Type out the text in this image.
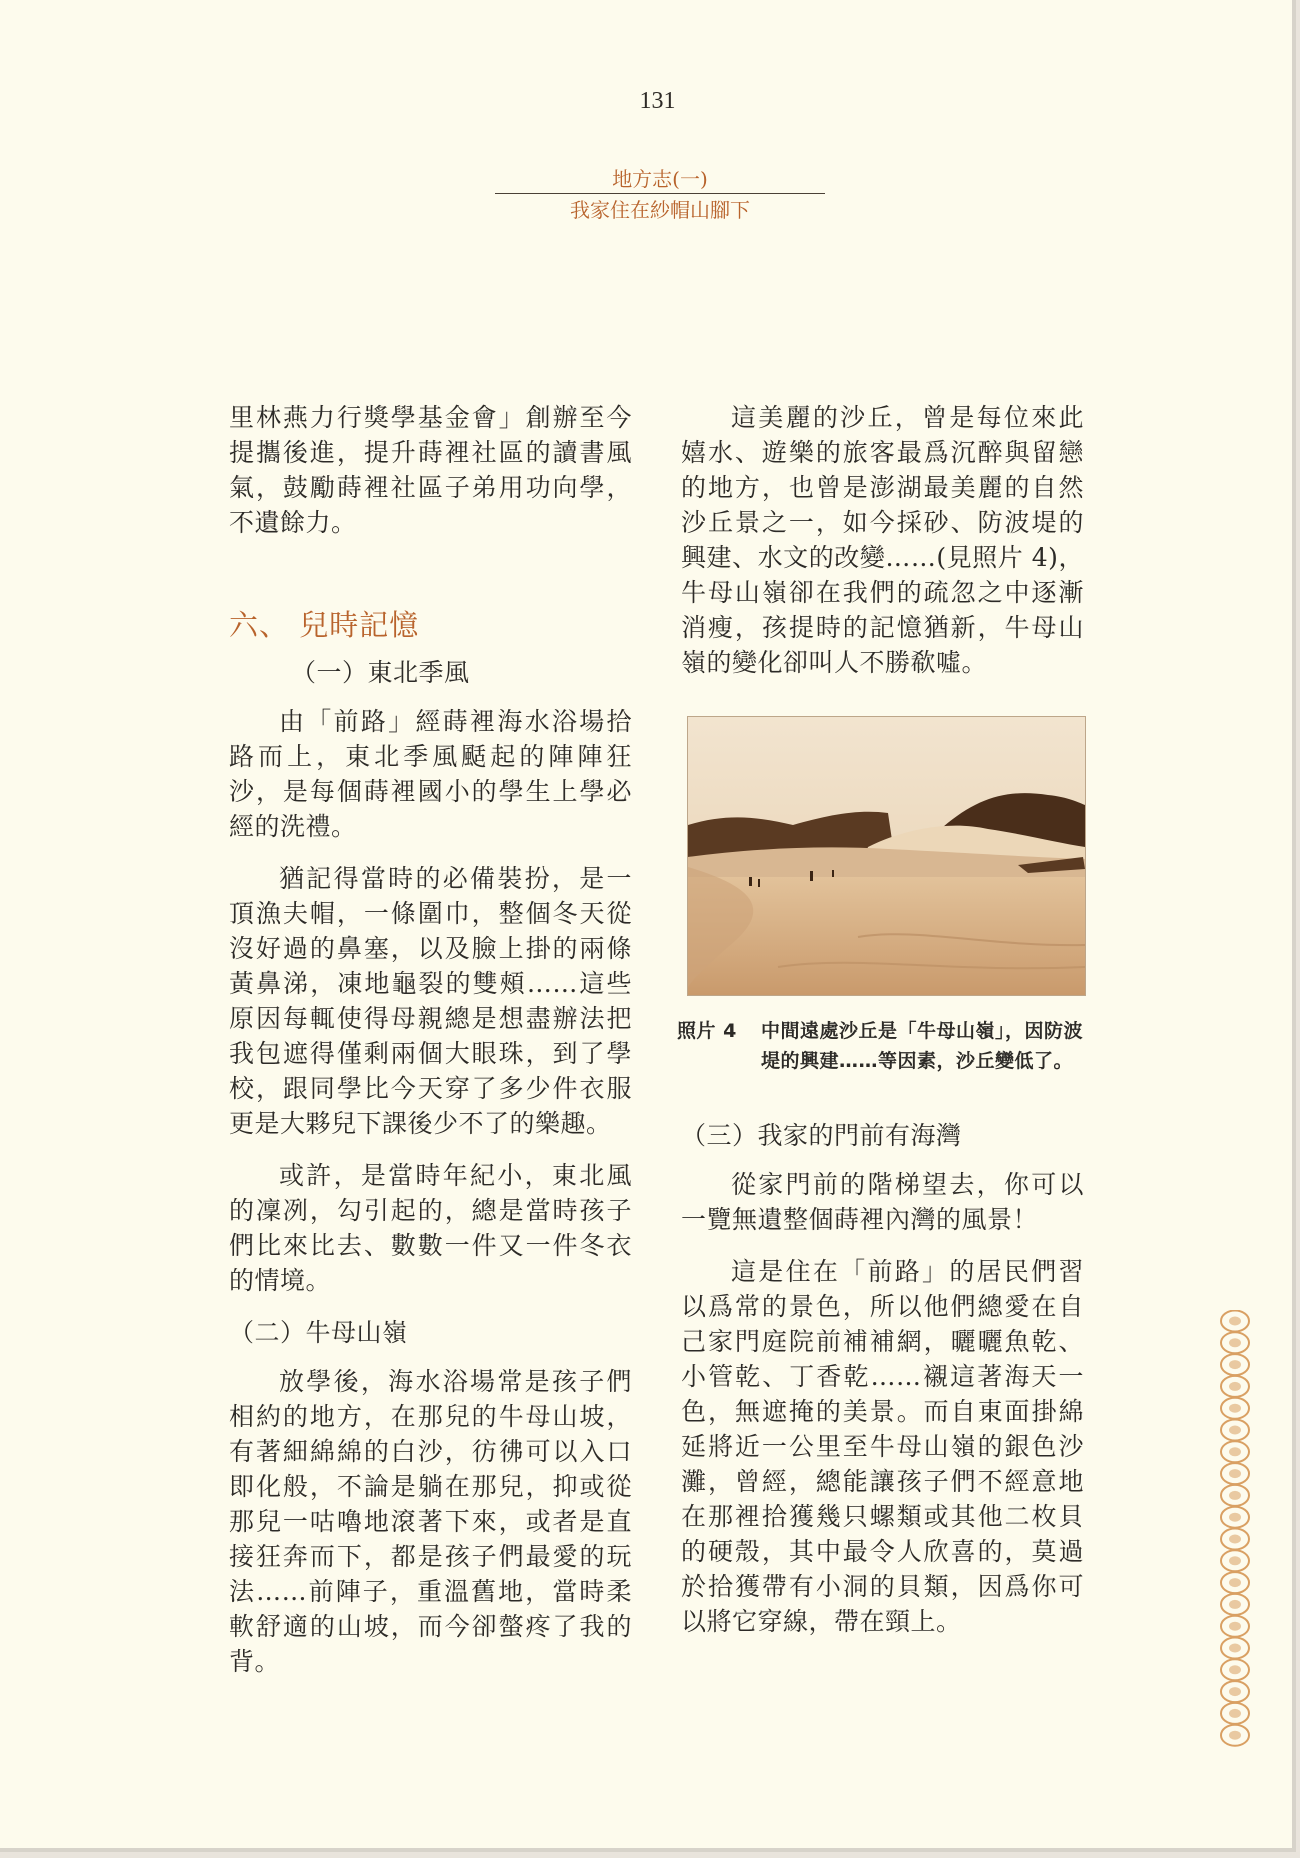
131
地方志(一)
我家住在紗帽山腳下

里林燕力行獎學基金會」創辦至今提攜後進，提升蒔裡社區的讀書風氣，鼓勵蒔裡社區子弟用功向學，不遺餘力。

六、 兒時記憶
（一）東北季風

由「前路」經蒔裡海水浴場拾路而上，東北季風颳起的陣陣狂沙，是每個蒔裡國小的學生上學必經的洗禮。

猶記得當時的必備裝扮，是一頂漁夫帽，一條圍巾，整個冬天從沒好過的鼻塞，以及臉上掛的兩條黃鼻涕，凍地龜裂的雙頰……這些原因每輒使得母親總是想盡辦法把我包遮得僅剩兩個大眼珠，到了學校，跟同學比今天穿了多少件衣服更是大夥兒下課後少不了的樂趣。

或許，是當時年紀小，東北風的凜冽，勾引起的，總是當時孩子們比來比去、數數一件又一件冬衣的情境。

（二）牛母山嶺

放學後，海水浴場常是孩子們相約的地方，在那兒的牛母山坡，有著細綿綿的白沙，彷彿可以入口即化般，不論是躺在那兒，抑或從那兒一咕嚕地滾著下來，或者是直接狂奔而下，都是孩子們最愛的玩法……前陣子，重溫舊地，當時柔軟舒適的山坡，而今卻螫疼了我的背。

這美麗的沙丘，曾是每位來此嬉水、遊樂的旅客最爲沉醉與留戀的地方，也曾是澎湖最美麗的自然沙丘景之一，如今採砂、防波堤的興建、水文的改變……(見照片 4)，牛母山嶺卻在我們的疏忽之中逐漸消瘦，孩提時的記憶猶新，牛母山嶺的變化卻叫人不勝欷噓。

照片 4	中間遠處沙丘是「牛母山嶺」，因防波堤的興建……等因素，沙丘變低了。
（三）我家的門前有海灣

從家門前的階梯望去，你可以一覽無遺整個蒔裡內灣的風景！

這是住在「前路」的居民們習以爲常的景色，所以他們總愛在自己家門庭院前補補網，曬曬魚乾、小管乾、丁香乾……襯這著海天一色，無遮掩的美景。而自東面掛綿延將近一公里至牛母山嶺的銀色沙灘，曾經，總能讓孩子們不經意地在那裡拾獲幾只螺類或其他二枚貝的硬殼，其中最令人欣喜的，莫過於拾獲帶有小洞的貝類，因爲你可以將它穿線，帶在頸上。
